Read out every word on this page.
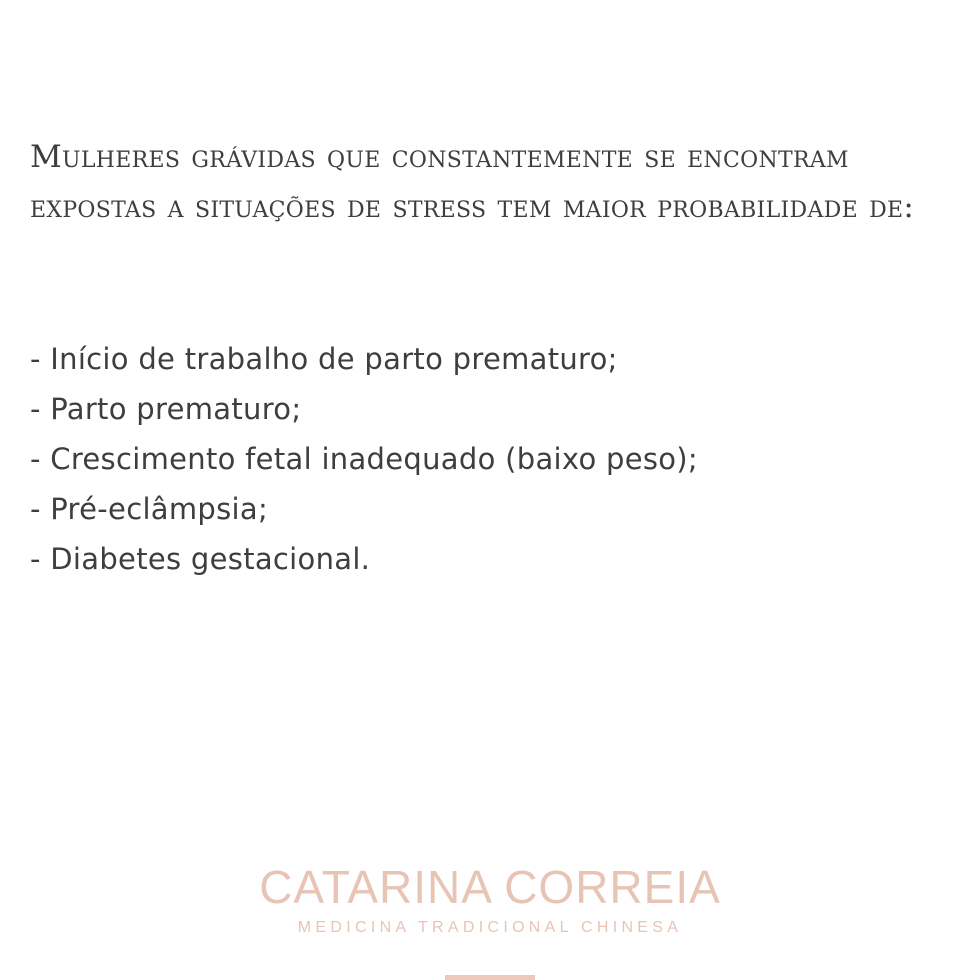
Mulheres grávidas que constantemente se encontram expostas a situações de stress tem maior probabilidade de:

- Início de trabalho de parto prematuro;
- Parto prematuro;
- Crescimento fetal inadequado (baixo peso);
- Pré-eclâmpsia;
- Diabetes gestacional.
CATARINA CORREIA
MEDICINA TRADICIONAL CHINESA
